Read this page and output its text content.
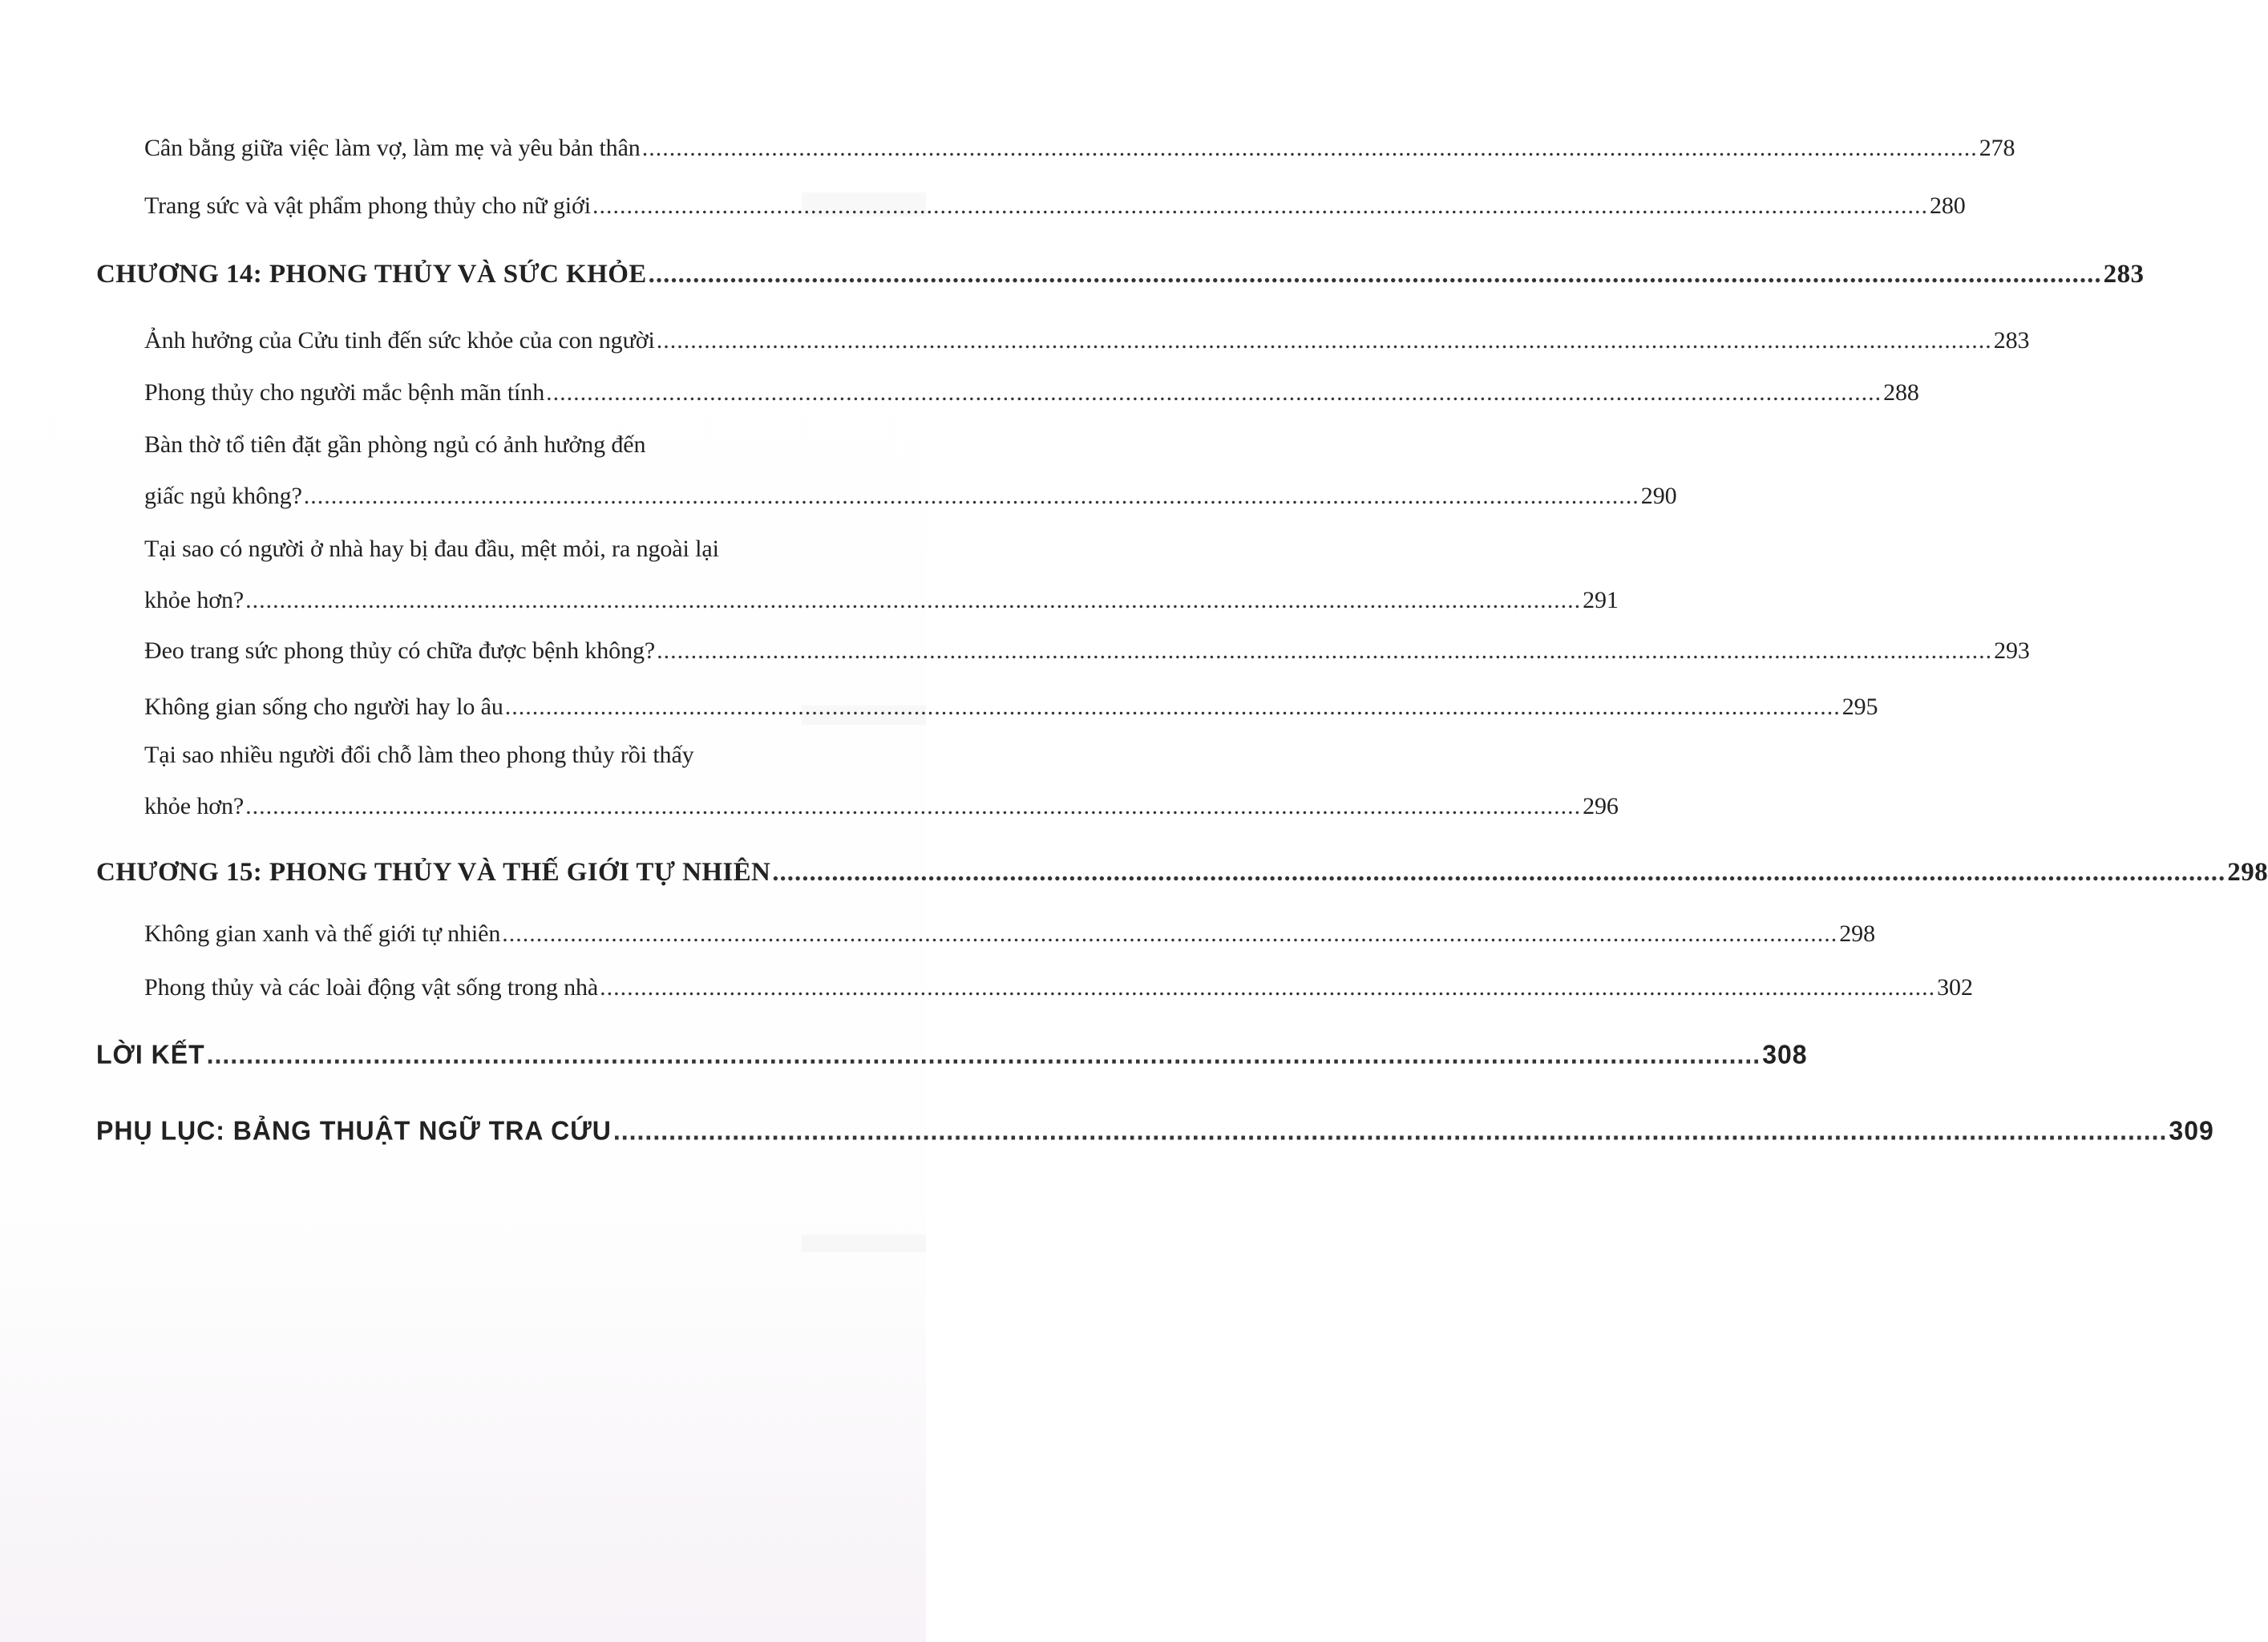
Cân bằng giữa việc làm vợ, làm mẹ và yêu bản thân .................................................................................................................................................................................................... 278
Trang sức và vật phẩm phong thủy cho nữ giới .................................................................................................................................................................................................... 280
CHƯƠNG 14: PHONG THỦY VÀ SỨC KHỎE .................................................................................................................................................................................................... 283
Ảnh hưởng của Cửu tinh đến sức khỏe của con người .................................................................................................................................................................................................... 283
Phong thủy cho người mắc bệnh mãn tính .................................................................................................................................................................................................... 288
Bàn thờ tổ tiên đặt gần phòng ngủ có ảnh hưởng đến
giấc ngủ không? .................................................................................................................................................................................................... 290
Tại sao có người ở nhà hay bị đau đầu, mệt mỏi, ra ngoài lại
khỏe hơn? .................................................................................................................................................................................................... 291
Đeo trang sức phong thủy có chữa được bệnh không? .................................................................................................................................................................................................... 293
Không gian sống cho người hay lo âu .................................................................................................................................................................................................... 295
Tại sao nhiều người đổi chỗ làm theo phong thủy rồi thấy
khỏe hơn? .................................................................................................................................................................................................... 296
CHƯƠNG 15: PHONG THỦY VÀ THẾ GIỚI TỰ NHIÊN .................................................................................................................................................................................................... 298
Không gian xanh và thế giới tự nhiên .................................................................................................................................................................................................... 298
Phong thủy và các loài động vật sống trong nhà .................................................................................................................................................................................................... 302
LỜI KẾT .................................................................................................................................................................................................... 308
PHỤ LỤC: BẢNG THUẬT NGỮ TRA CỨU .................................................................................................................................................................................................... 309
